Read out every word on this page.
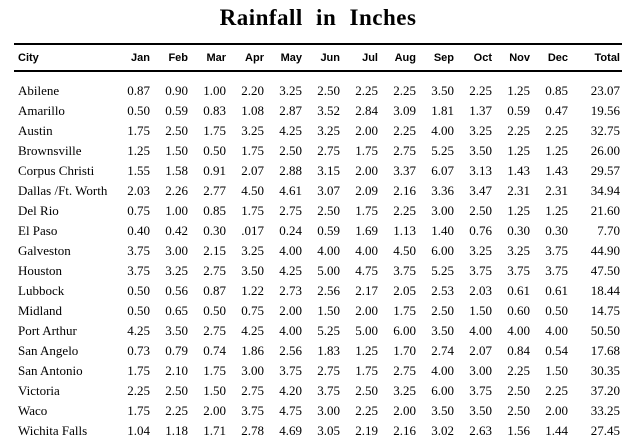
Rainfall in Inches
City	Jan	Feb	Mar	Apr	May	Jun	Jul	Aug	Sep	Oct	Nov	Dec	Total
Abilene	0.87	0.90	1.00	2.20	3.25	2.50	2.25	2.25	3.50	2.25	1.25	0.85	23.07
Amarillo	0.50	0.59	0.83	1.08	2.87	3.52	2.84	3.09	1.81	1.37	0.59	0.47	19.56
Austin	1.75	2.50	1.75	3.25	4.25	3.25	2.00	2.25	4.00	3.25	2.25	2.25	32.75
Brownsville	1.25	1.50	0.50	1.75	2.50	2.75	1.75	2.75	5.25	3.50	1.25	1.25	26.00
Corpus Christi	1.55	1.58	0.91	2.07	2.88	3.15	2.00	3.37	6.07	3.13	1.43	1.43	29.57
Dallas /Ft. Worth	2.03	2.26	2.77	4.50	4.61	3.07	2.09	2.16	3.36	3.47	2.31	2.31	34.94
Del Rio	0.75	1.00	0.85	1.75	2.75	2.50	1.75	2.25	3.00	2.50	1.25	1.25	21.60
El Paso	0.40	0.42	0.30	.017	0.24	0.59	1.69	1.13	1.40	0.76	0.30	0.30	7.70
Galveston	3.75	3.00	2.15	3.25	4.00	4.00	4.00	4.50	6.00	3.25	3.25	3.75	44.90
Houston	3.75	3.25	2.75	3.50	4.25	5.00	4.75	3.75	5.25	3.75	3.75	3.75	47.50
Lubbock	0.50	0.56	0.87	1.22	2.73	2.56	2.17	2.05	2.53	2.03	0.61	0.61	18.44
Midland	0.50	0.65	0.50	0.75	2.00	1.50	2.00	1.75	2.50	1.50	0.60	0.50	14.75
Port Arthur	4.25	3.50	2.75	4.25	4.00	5.25	5.00	6.00	3.50	4.00	4.00	4.00	50.50
San Angelo	0.73	0.79	0.74	1.86	2.56	1.83	1.25	1.70	2.74	2.07	0.84	0.54	17.68
San Antonio	1.75	2.10	1.75	3.00	3.75	2.75	1.75	2.75	4.00	3.00	2.25	1.50	30.35
Victoria	2.25	2.50	1.50	2.75	4.20	3.75	2.50	3.25	6.00	3.75	2.50	2.25	37.20
Waco	1.75	2.25	2.00	3.75	4.75	3.00	2.25	2.00	3.50	3.50	2.50	2.00	33.25
Wichita Falls	1.04	1.18	1.71	2.78	4.69	3.05	2.19	2.16	3.02	2.63	1.56	1.44	27.45
